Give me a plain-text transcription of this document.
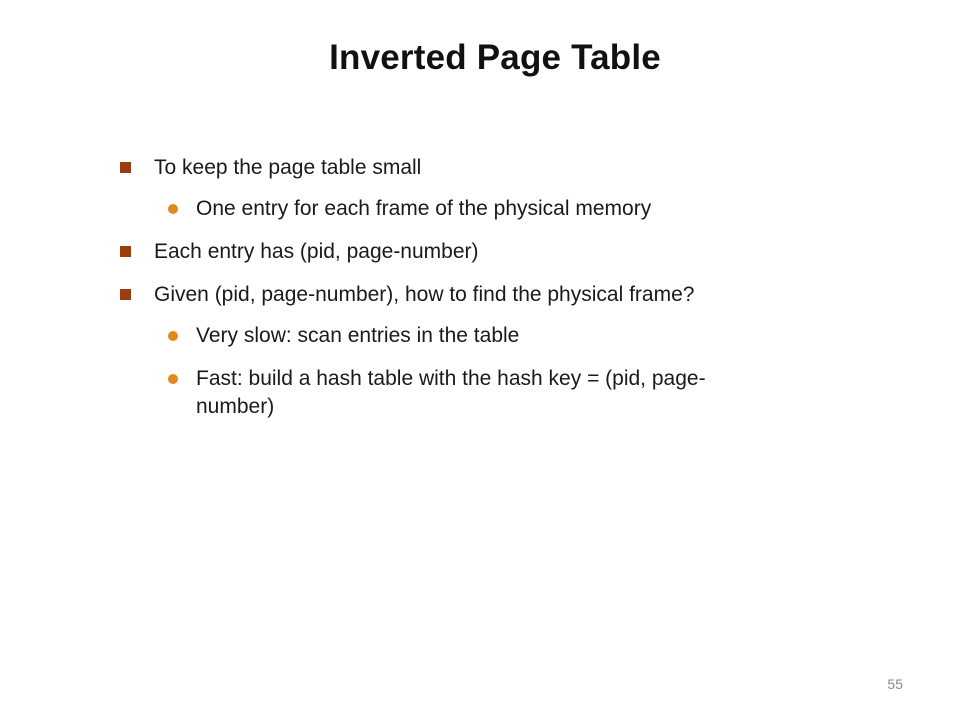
Inverted Page Table
To keep the page table small
One entry for each frame of the physical memory
Each entry has (pid, page-number)
Given (pid, page-number), how to find the physical frame?
Very slow: scan entries in the table
Fast: build a hash table with the hash key = (pid, page-number)
55
